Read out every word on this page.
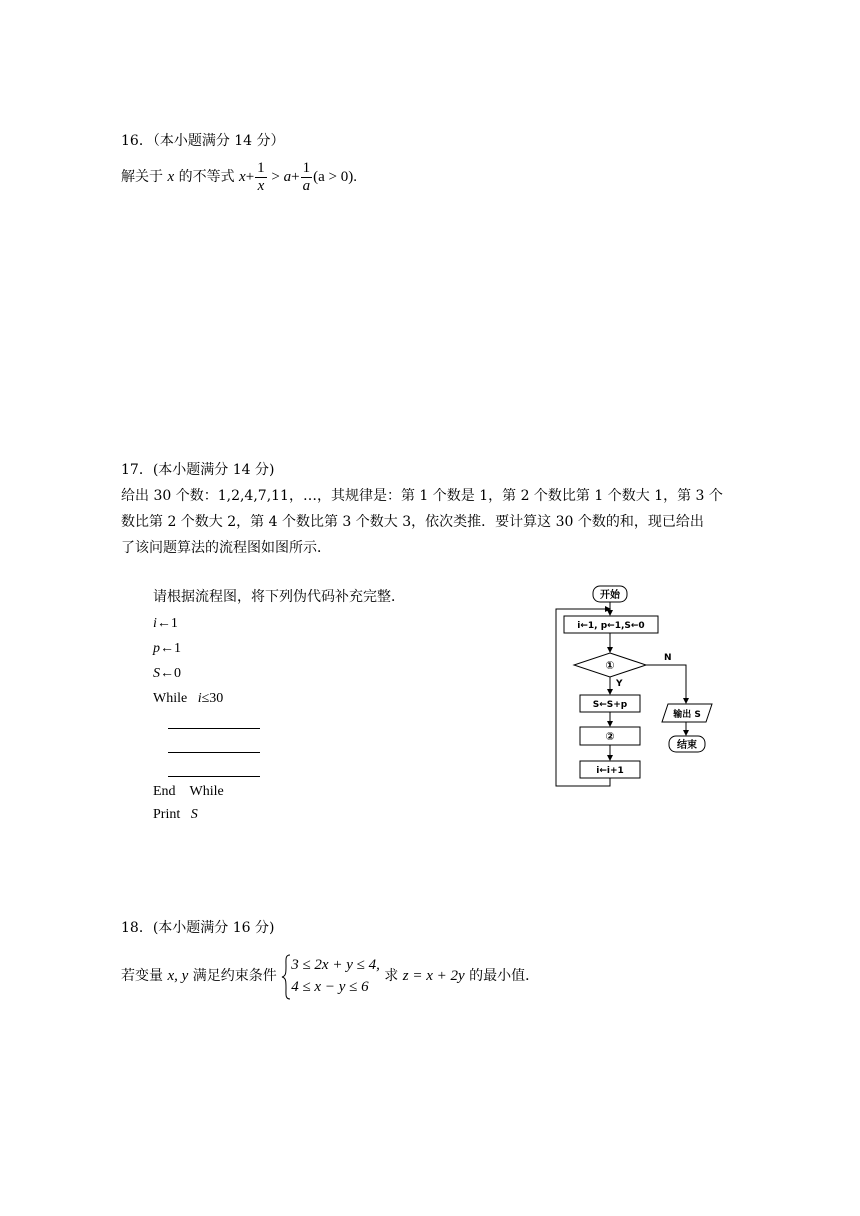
16．（本小题满分 14 分）
解关于 x 的不等式 $x+ \frac{1}{x} > a+ \frac{1}{a} (a > 0)$.
17．(本小题满分 14 分)
给出 30 个数：1,2,4,7,11，…，其规律是：第 1 个数是 1，第 2 个数比第 1 个数大 1，第 3 个
数比第 2 个数大 2，第 4 个数比第 3 个数大 3，依次类推．要计算这 30 个数的和，现已给出
了该问题算法的流程图如图所示．
请根据流程图，将下列伪代码补充完整．
i←1
p←1
S←0
While i≤30
End　While
Print S
开始
i←1, p←1,S←0
①
Y
N
S←S+p
②
i←i+1
输出 S
结束
18．(本小题满分 16 分)
若变量 x, y 满足约束条件
3 ≤ 2x + y ≤ 4,
4 ≤ x − y ≤ 6
求 z = x + 2y 的最小值．
